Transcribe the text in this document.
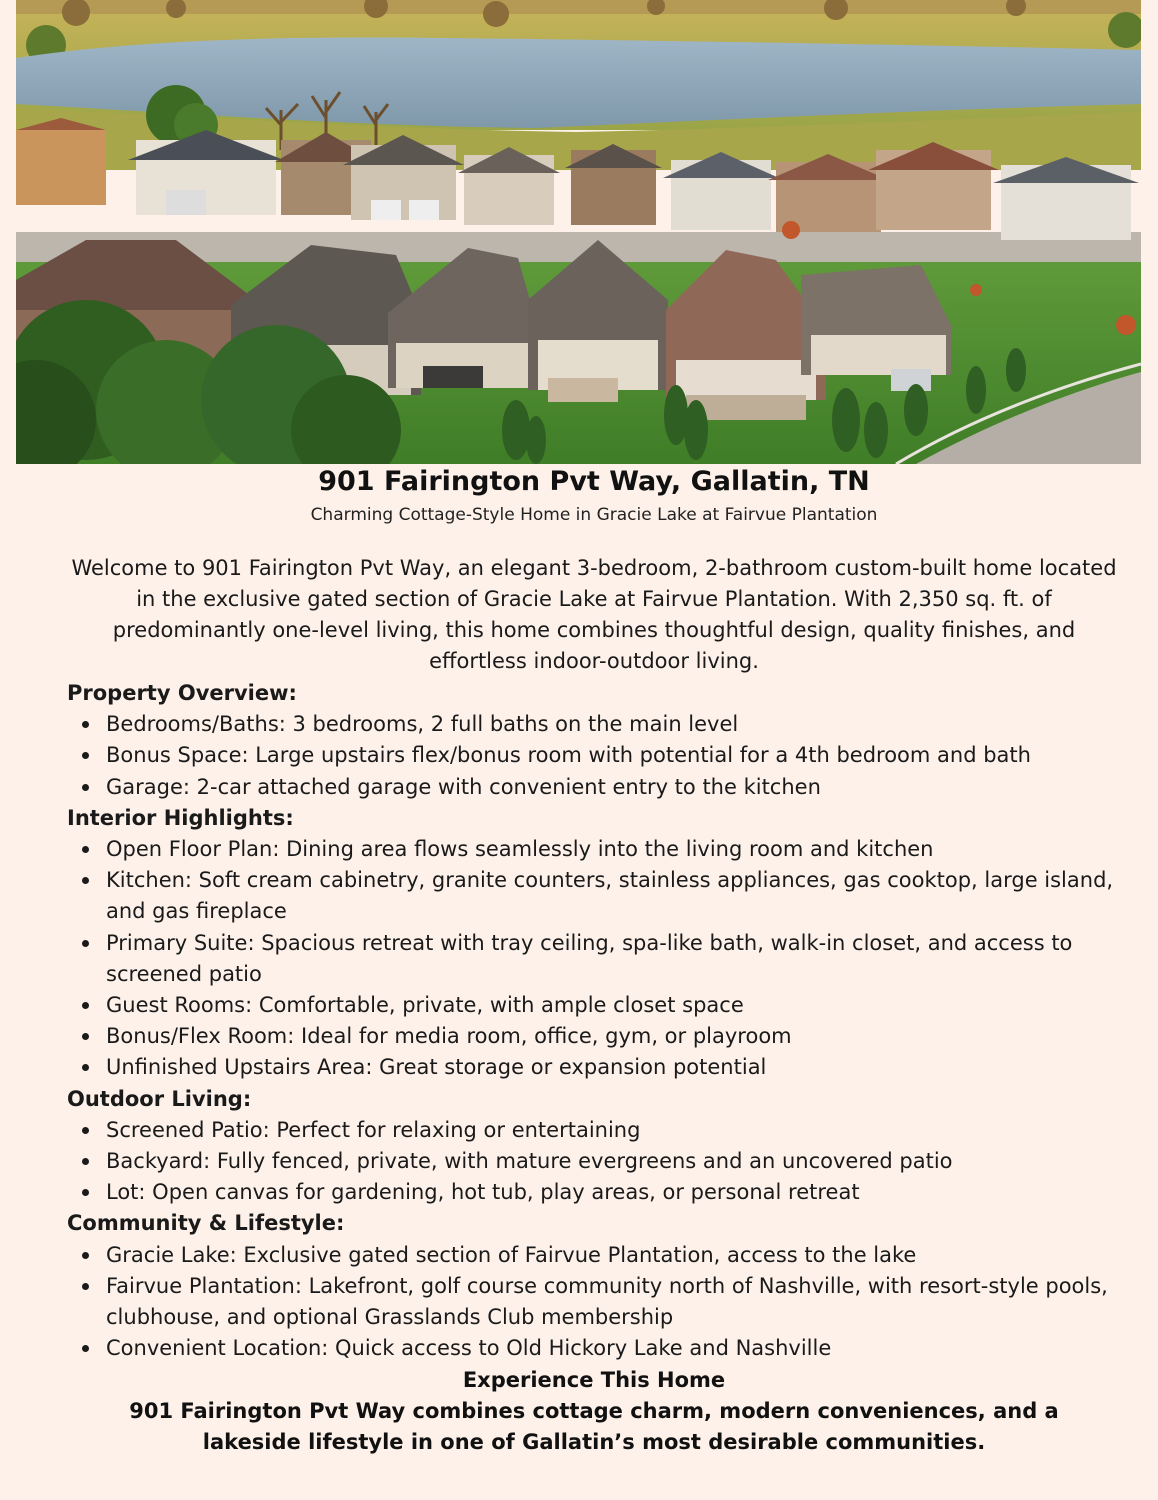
901 Fairington Pvt Way, Gallatin, TN
Charming Cottage-Style Home in Gracie Lake at Fairvue Plantation

Welcome to 901 Fairington Pvt Way, an elegant 3-bedroom, 2-bathroom custom-built home located in the exclusive gated section of Gracie Lake at Fairvue Plantation. With 2,350 sq. ft. of predominantly one-level living, this home combines thoughtful design, quality finishes, and effortless indoor-outdoor living.

Property Overview:

Bedrooms/Baths: 3 bedrooms, 2 full baths on the main level
Bonus Space: Large upstairs flex/bonus room with potential for a 4th bedroom and bath
Garage: 2-car attached garage with convenient entry to the kitchen

Interior Highlights:

Open Floor Plan: Dining area flows seamlessly into the living room and kitchen
Kitchen: Soft cream cabinetry, granite counters, stainless appliances, gas cooktop, large island, and gas fireplace
Primary Suite: Spacious retreat with tray ceiling, spa-like bath, walk-in closet, and access to screened patio
Guest Rooms: Comfortable, private, with ample closet space
Bonus/Flex Room: Ideal for media room, office, gym, or playroom
Unfinished Upstairs Area: Great storage or expansion potential

Outdoor Living:

Screened Patio: Perfect for relaxing or entertaining
Backyard: Fully fenced, private, with mature evergreens and an uncovered patio
Lot: Open canvas for gardening, hot tub, play areas, or personal retreat

Community & Lifestyle:

Gracie Lake: Exclusive gated section of Fairvue Plantation, access to the lake
Fairvue Plantation: Lakefront, golf course community north of Nashville, with resort-style pools, clubhouse, and optional Grasslands Club membership
Convenient Location: Quick access to Old Hickory Lake and Nashville

Experience This Home

901 Fairington Pvt Way combines cottage charm, modern conveniences, and a lakeside lifestyle in one of Gallatin’s most desirable communities.
